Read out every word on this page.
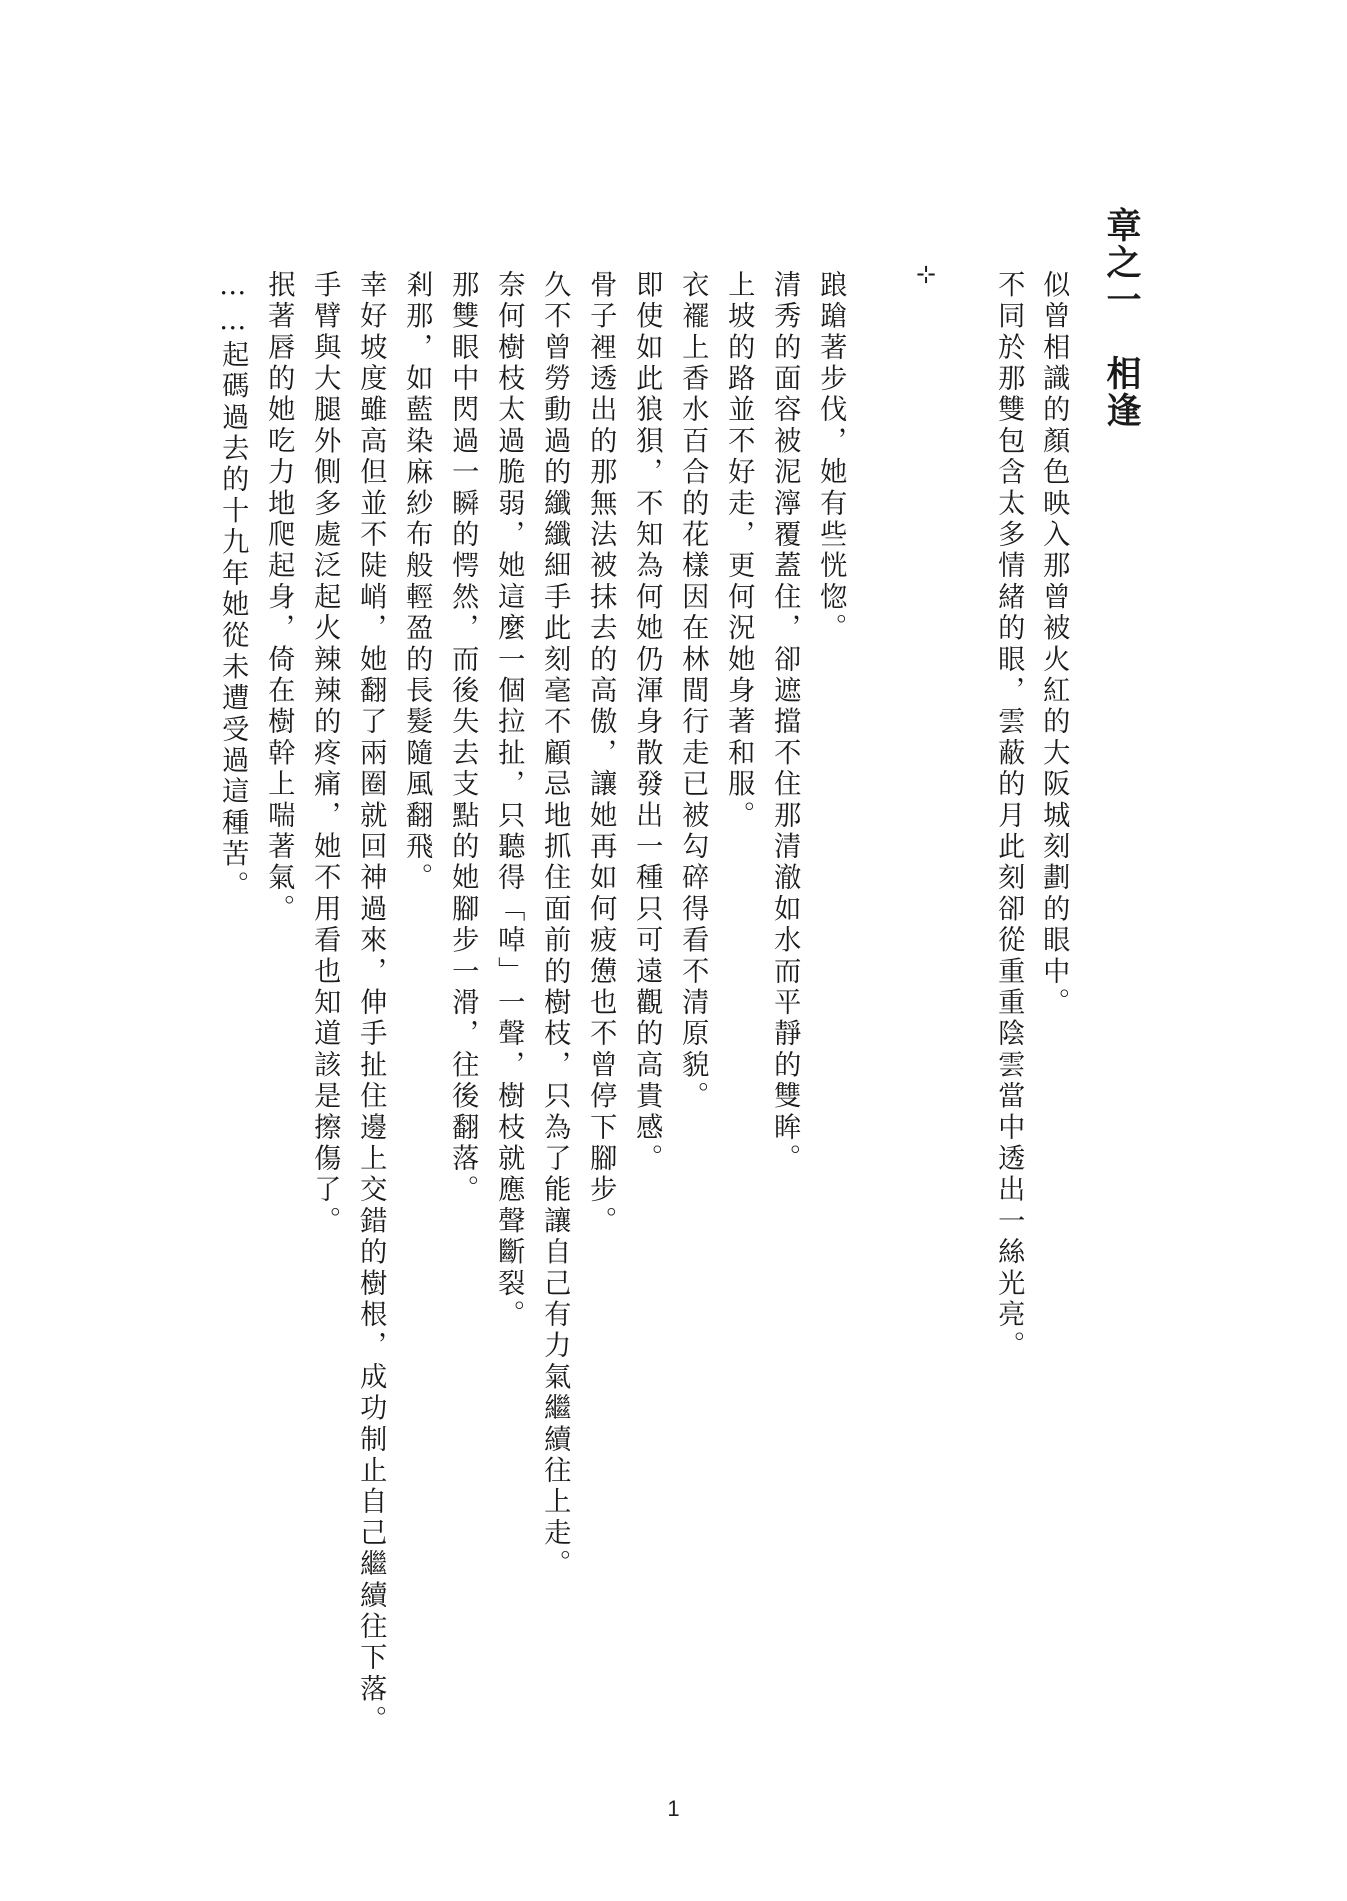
章之一　相逢
似曾相識的顏色映入那曾被火紅的大阪城刻劃的眼中。
不同於那雙包含太多情緒的眼，雲蔽的月此刻卻從重重陰雲當中透出一絲光亮。
⊹
踉蹌著步伐，她有些恍惚。
清秀的面容被泥濘覆蓋住，卻遮擋不住那清澈如水而平靜的雙眸。
上坡的路並不好走，更何況她身著和服。
衣襬上香水百合的花樣因在林間行走已被勾碎得看不清原貌。
即使如此狼狽，不知為何她仍渾身散發出一種只可遠觀的高貴感。
骨子裡透出的那無法被抹去的高傲，讓她再如何疲憊也不曾停下腳步。
久不曾勞動過的纖纖細手此刻毫不顧忌地抓住面前的樹枝，只為了能讓自己有力氣繼續往上走。
奈何樹枝太過脆弱，她這麼一個拉扯，只聽得「啅」一聲，樹枝就應聲斷裂。
那雙眼中閃過一瞬的愕然，而後失去支點的她腳步一滑，往後翻落。
剎那，如藍染麻紗布般輕盈的長髮隨風翻飛。
幸好坡度雖高但並不陡峭，她翻了兩圈就回神過來，伸手扯住邊上交錯的樹根，成功制止自己繼續往下落。
手臂與大腿外側多處泛起火辣辣的疼痛，她不用看也知道該是擦傷了。
抿著唇的她吃力地爬起身，倚在樹幹上喘著氣。
……起碼過去的十九年她從未遭受過這種苦。
1
